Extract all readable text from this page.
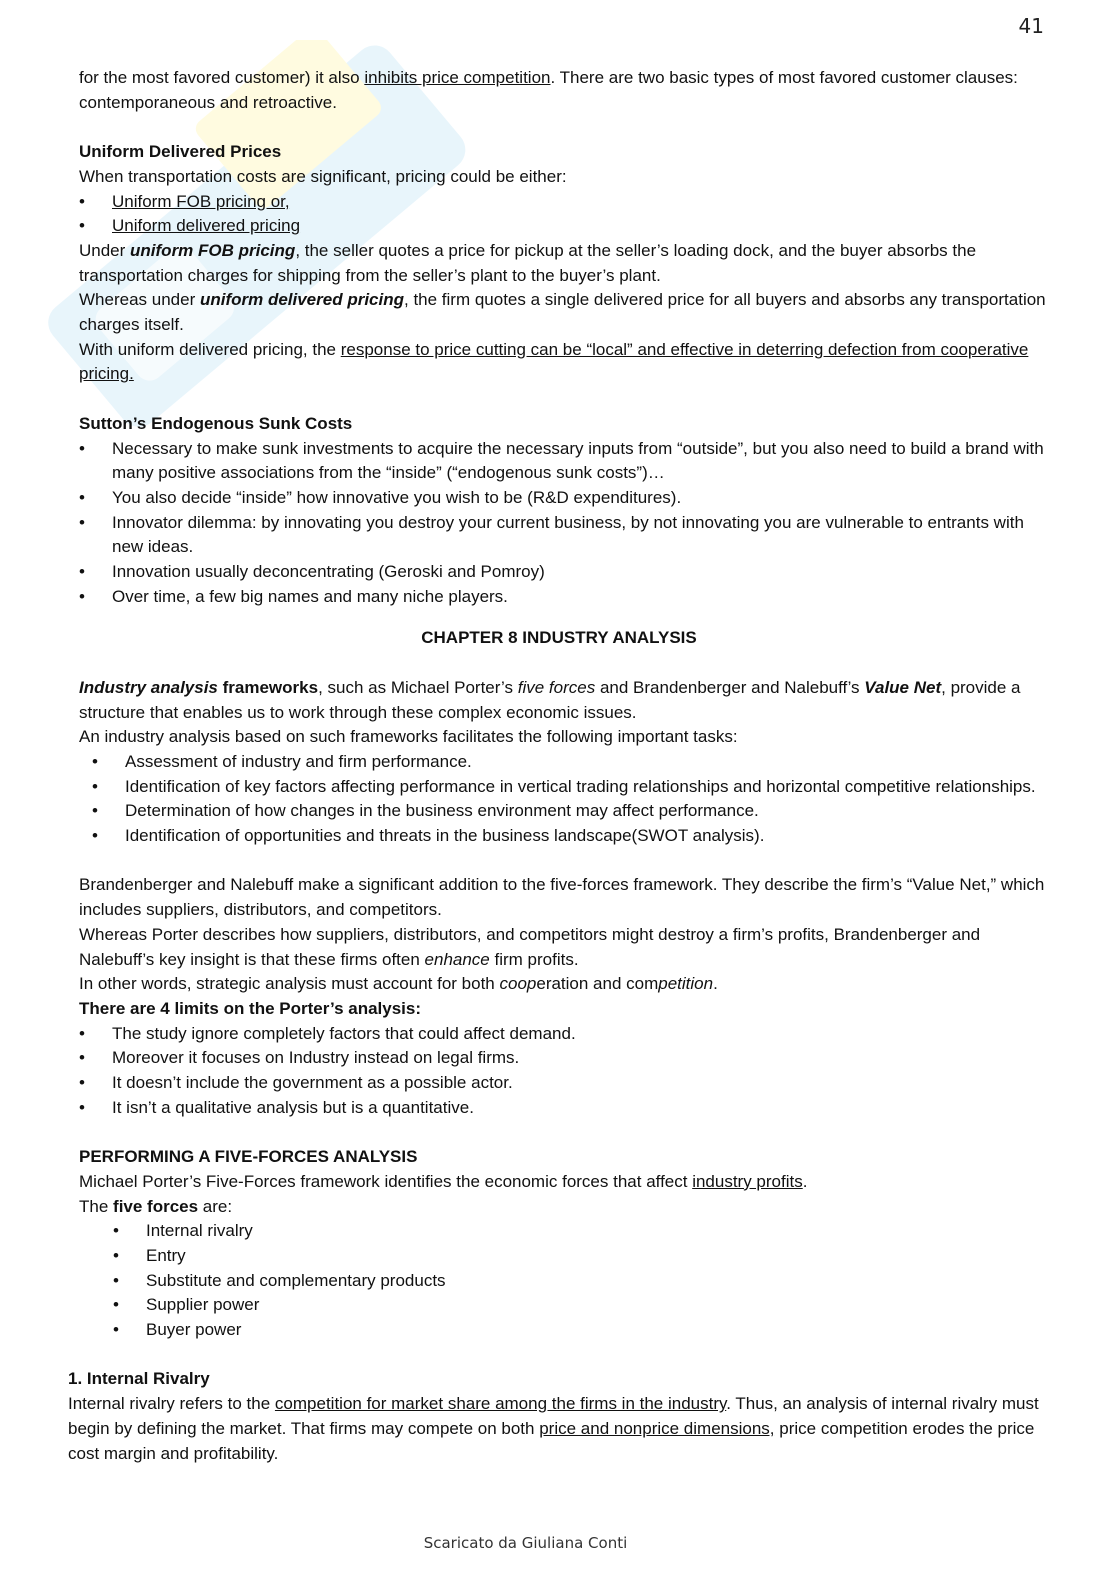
41

for the most favored customer) it also inhibits price competition. There are two basic types of most favored customer clauses: contemporaneous and retroactive.

Uniform Delivered Prices

When transportation costs are significant, pricing could be either:

• Uniform FOB pricing or,
• Uniform delivered pricing

Under uniform FOB pricing, the seller quotes a price for pickup at the seller’s loading dock, and the buyer absorbs the transportation charges for shipping from the seller’s plant to the buyer’s plant.

Whereas under uniform delivered pricing, the firm quotes a single delivered price for all buyers and absorbs any transportation charges itself.

With uniform delivered pricing, the response to price cutting can be “local” and effective in deterring defection from cooperative pricing.

Sutton’s Endogenous Sunk Costs

• Necessary to make sunk investments to acquire the necessary inputs from “outside”, but you also need to build a brand with many positive associations from the “inside” (“endogenous sunk costs”)…
• You also decide “inside” how innovative you wish to be (R&D expenditures).
• Innovator dilemma: by innovating you destroy your current business, by not innovating you are vulnerable to entrants with new ideas.
• Innovation usually deconcentrating (Geroski and Pomroy)
• Over time, a few big names and many niche players.

CHAPTER 8 INDUSTRY ANALYSIS

Industry analysis frameworks, such as Michael Porter’s five forces and Brandenberger and Nalebuff’s Value Net, provide a structure that enables us to work through these complex economic issues.

An industry analysis based on such frameworks facilitates the following important tasks:

• Assessment of industry and firm performance.
• Identification of key factors affecting performance in vertical trading relationships and horizontal competitive relationships.
• Determination of how changes in the business environment may affect performance.
• Identification of opportunities and threats in the business landscape(SWOT analysis).

Brandenberger and Nalebuff make a significant addition to the five-forces framework. They describe the firm’s “Value Net,” which includes suppliers, distributors, and competitors.

Whereas Porter describes how suppliers, distributors, and competitors might destroy a firm’s profits, Brandenberger and Nalebuff’s key insight is that these firms often enhance firm profits.

In other words, strategic analysis must account for both cooperation and competition.

There are 4 limits on the Porter’s analysis:

• The study ignore completely factors that could affect demand.
• Moreover it focuses on Industry instead on legal firms.
• It doesn’t include the government as a possible actor.
• It isn’t a qualitative analysis but is a quantitative.

PERFORMING A FIVE-FORCES ANALYSIS

Michael Porter’s Five-Forces framework identifies the economic forces that affect industry profits.

The five forces are:

• Internal rivalry
• Entry
• Substitute and complementary products
• Supplier power
• Buyer power

1. Internal Rivalry

Internal rivalry refers to the competition for market share among the firms in the industry. Thus, an analysis of internal rivalry must begin by defining the market. That firms may compete on both price and nonprice dimensions, price competition erodes the price cost margin and profitability.

Scaricato da Giuliana Conti
